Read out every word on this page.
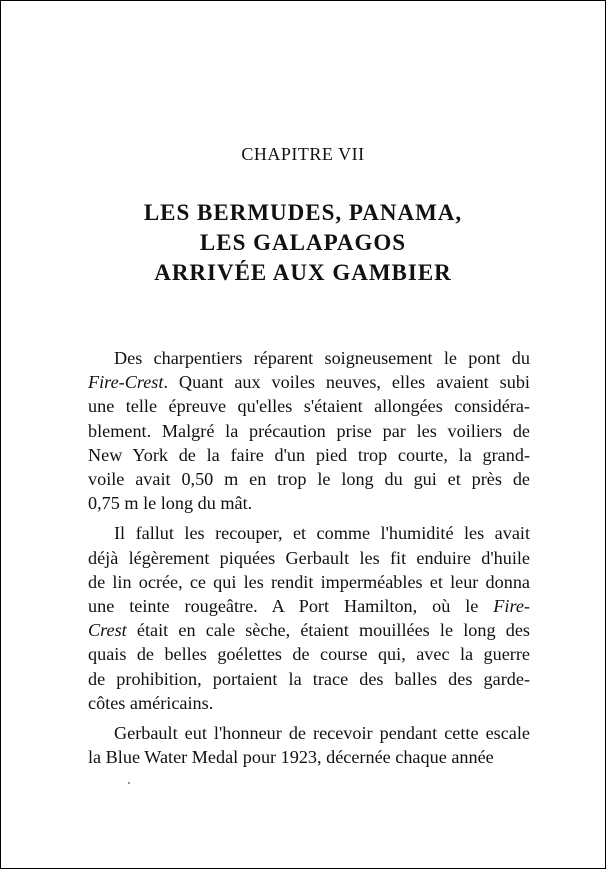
CHAPITRE VII
LES BERMUDES, PANAMA,
LES GALAPAGOS
ARRIVÉE AUX GAMBIER

Des charpentiers réparent soigneusement le pont du
Fire-Crest. Quant aux voiles neuves, elles avaient subi
une telle épreuve qu'elles s'étaient allongées considéra-
blement. Malgré la précaution prise par les voiliers de
New York de la faire d'un pied trop courte, la grand-
voile avait 0,50 m en trop le long du gui et près de
0,75 m le long du mât.

Il fallut les recouper, et comme l'humidité les avait
déjà légèrement piquées Gerbault les fit enduire d'huile
de lin ocrée, ce qui les rendit imperméables et leur donna
une teinte rougeâtre. A Port Hamilton, où le Fire-
Crest était en cale sèche, étaient mouillées le long des
quais de belles goélettes de course qui, avec la guerre
de prohibition, portaient la trace des balles des garde-
côtes américains.

Gerbault eut l'honneur de recevoir pendant cette escale
la Blue Water Medal pour 1923, décernée chaque année
